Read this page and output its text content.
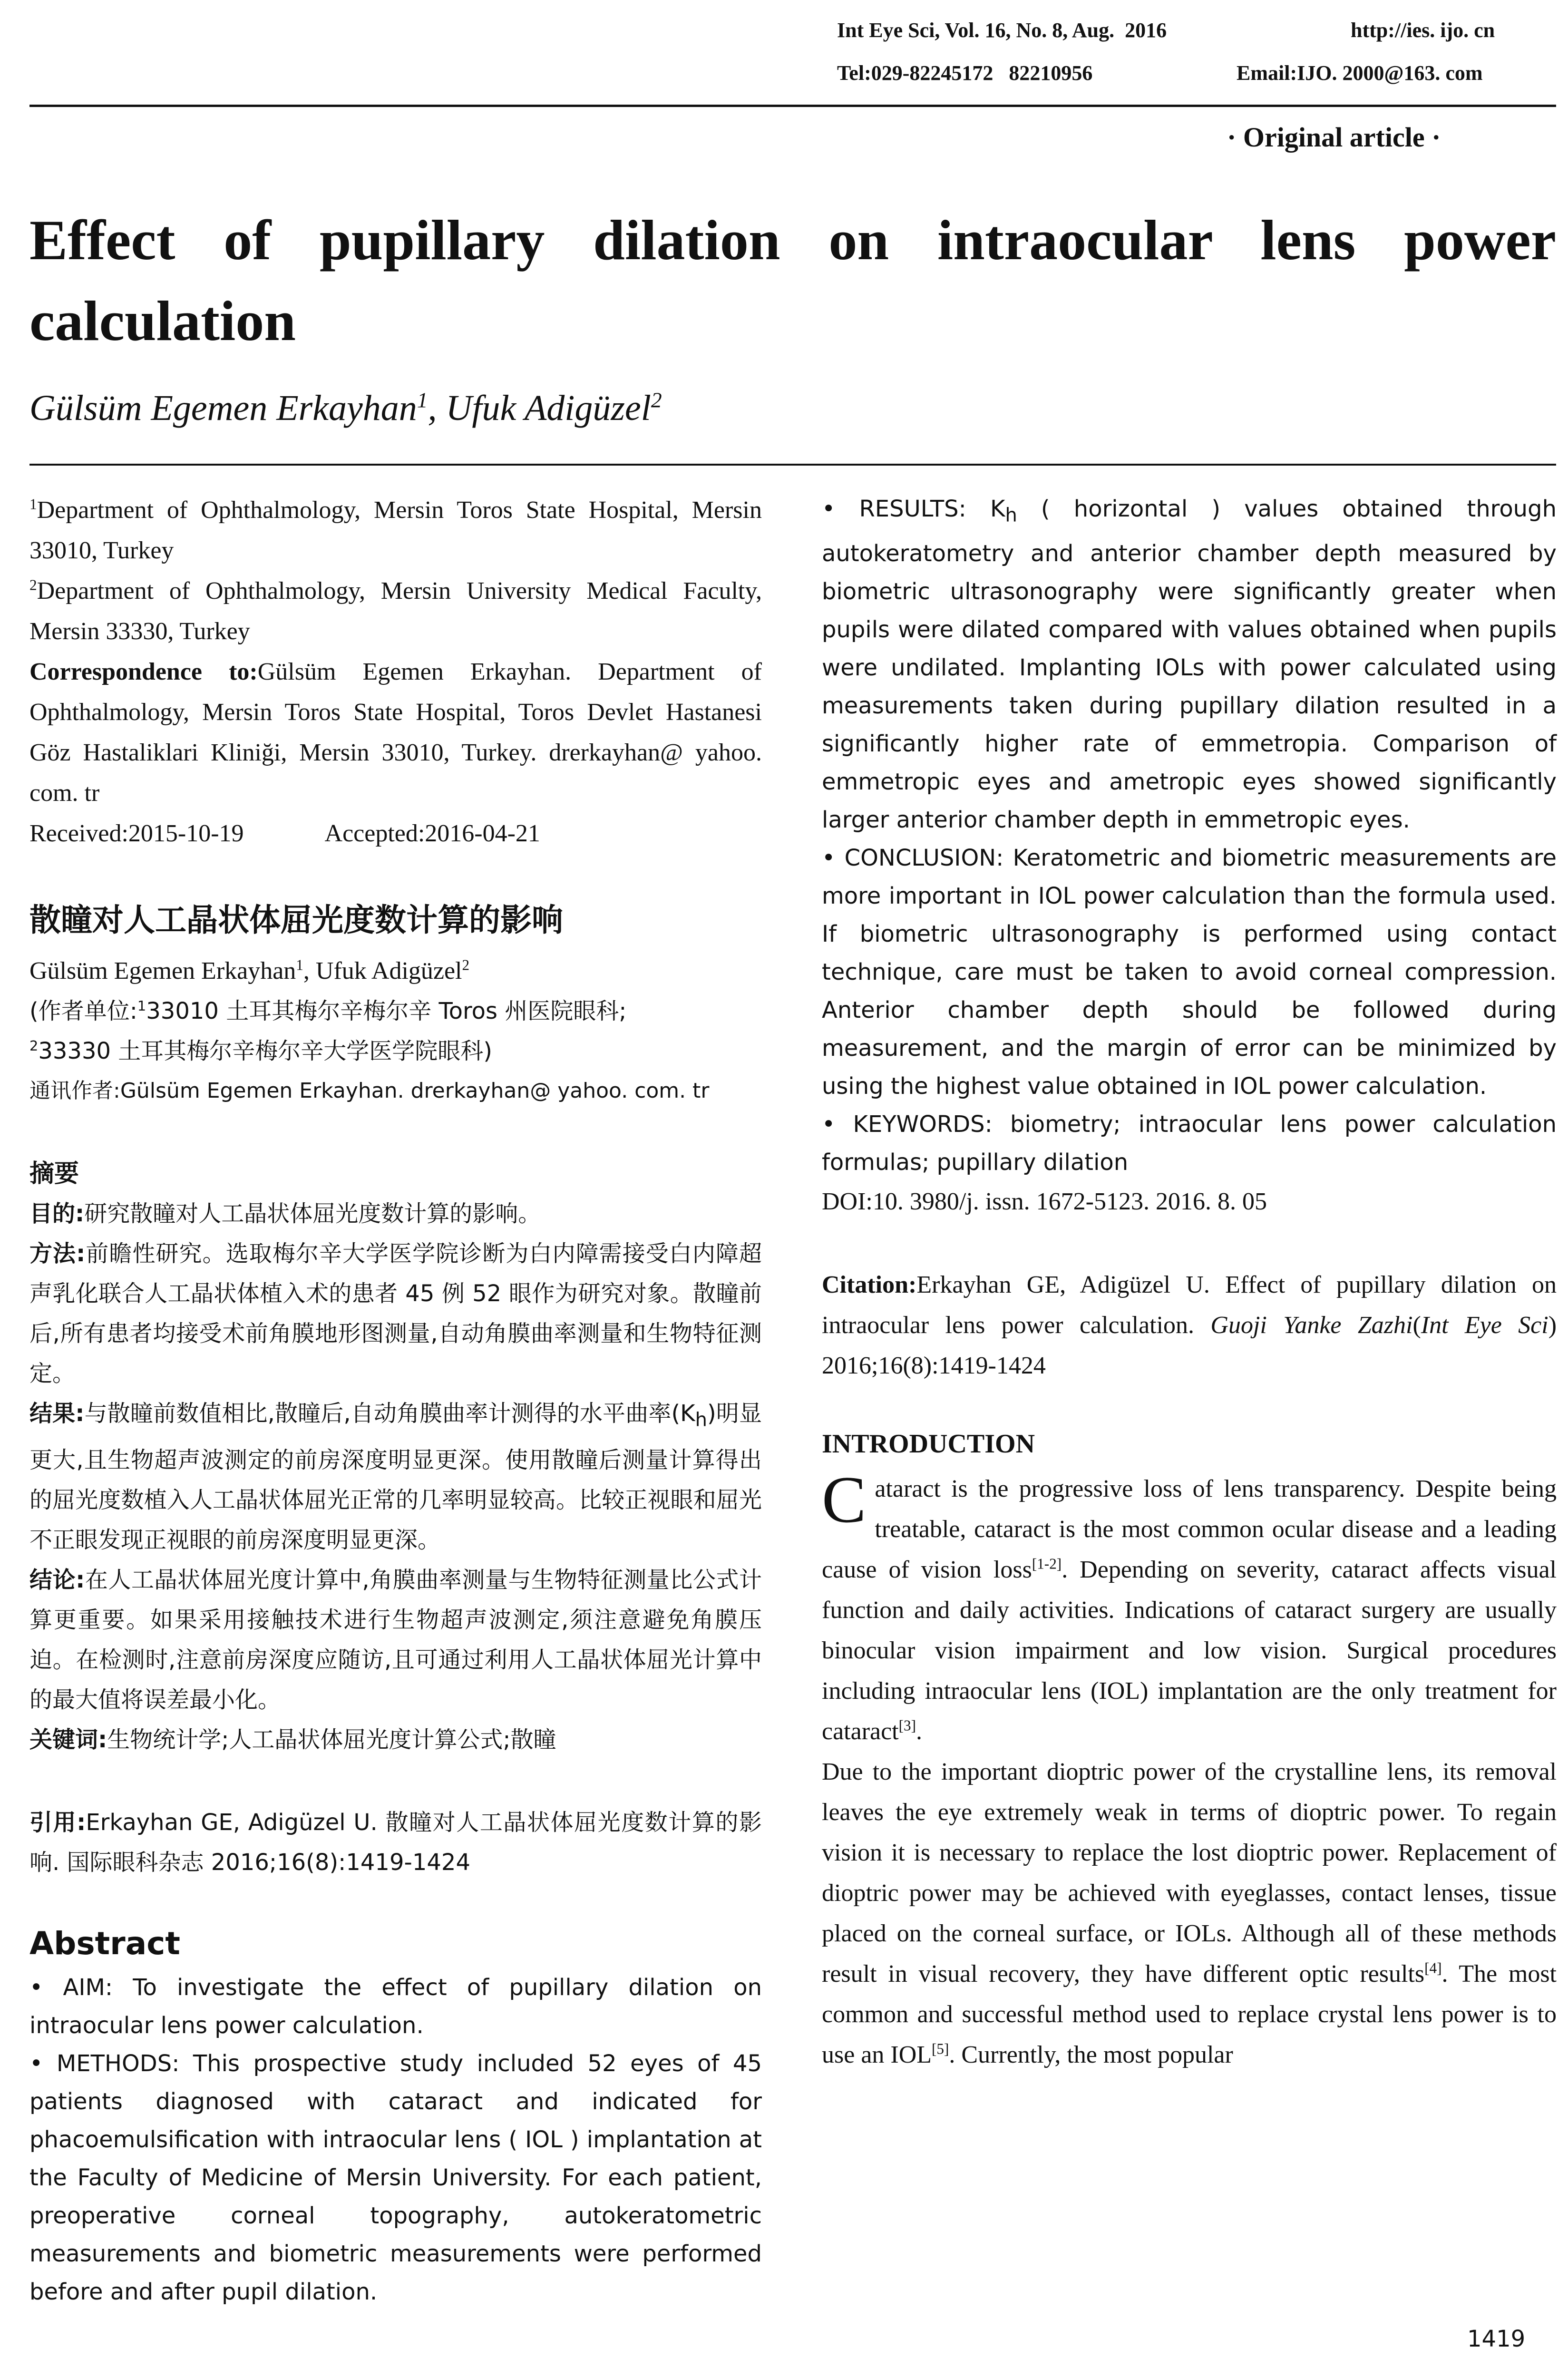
Int Eye Sci, Vol. 16, No. 8, Aug.  2016	http://ies. ijo. cn
Tel:029-82245172   82210956	Email:IJO. 2000@163. com
· Original article ·
Effect of pupillary dilation on intraocular lens power calculation
Gülsüm Egemen Erkayhan$^1$, Ufuk Adigüzel$^2$

$^1$Department of Ophthalmology, Mersin Toros State Hospital, Mersin 33010, Turkey

$^2$Department of Ophthalmology, Mersin University Medical Faculty, Mersin 33330, Turkey

Correspondence to:Gülsüm Egemen Erkayhan. Department of Ophthalmology, Mersin Toros State Hospital, Toros Devlet Hastanesi Göz Hastaliklari Kliniği, Mersin 33010, Turkey. drerkayhan@ yahoo. com. tr

Received:2015-10-19	Accepted:2016-04-21

散瞳对人工晶状体屈光度数计算的影响

Gülsüm Egemen Erkayhan$^1$, Ufuk Adigüzel$^2$

(作者单位:$^1$33010 土耳其梅尔辛梅尔辛 Toros 州医院眼科;
$^2$33330 土耳其梅尔辛梅尔辛大学医学院眼科)

通讯作者:Gülsüm Egemen Erkayhan. drerkayhan@ yahoo. com. tr

摘要

目的:研究散瞳对人工晶状体屈光度数计算的影响。

方法:前瞻性研究。选取梅尔辛大学医学院诊断为白内障需接受白内障超声乳化联合人工晶状体植入术的患者 45 例 52 眼作为研究对象。散瞳前后,所有患者均接受术前角膜地形图测量,自动角膜曲率测量和生物特征测定。

结果:与散瞳前数值相比,散瞳后,自动角膜曲率计测得的水平曲率$(K_h)$明显更大,且生物超声波测定的前房深度明显更深。使用散瞳后测量计算得出的屈光度数植入人工晶状体屈光正常的几率明显较高。比较正视眼和屈光不正眼发现正视眼的前房深度明显更深。

结论:在人工晶状体屈光度计算中,角膜曲率测量与生物特征测量比公式计算更重要。如果采用接触技术进行生物超声波测定,须注意避免角膜压迫。在检测时,注意前房深度应随访,且可通过利用人工晶状体屈光计算中的最大值将误差最小化。

关键词:生物统计学;人工晶状体屈光度计算公式;散瞳

引用:Erkayhan GE, Adigüzel U. 散瞳对人工晶状体屈光度数计算的影响. 国际眼科杂志 2016;16(8):1419-1424

Abstract

• AIM: To investigate the effect of pupillary dilation on intraocular lens power calculation.

• METHODS: This prospective study included 52 eyes of 45 patients diagnosed with cataract and indicated for phacoemulsification with intraocular lens ( IOL ) implantation at the Faculty of Medicine of Mersin University. For each patient, preoperative corneal topography, autokeratometric measurements and biometric measurements were performed before and after pupil dilation.

• RESULTS: $K_h$ ( horizontal ) values obtained through autokeratometry and anterior chamber depth measured by biometric ultrasonography were significantly greater when pupils were dilated compared with values obtained when pupils were undilated. Implanting IOLs with power calculated using measurements taken during pupillary dilation resulted in a significantly higher rate of emmetropia. Comparison of emmetropic eyes and ametropic eyes showed significantly larger anterior chamber depth in emmetropic eyes.

• CONCLUSION: Keratometric and biometric measurements are more important in IOL power calculation than the formula used. If biometric ultrasonography is performed using contact technique, care must be taken to avoid corneal compression. Anterior chamber depth should be followed during measurement, and the margin of error can be minimized by using the highest value obtained in IOL power calculation.

• KEYWORDS: biometry; intraocular lens power calculation formulas; pupillary dilation

DOI:10. 3980/j. issn. 1672-5123. 2016. 8. 05

Citation:Erkayhan GE, Adigüzel U. Effect of pupillary dilation on intraocular lens power calculation. Guoji Yanke Zazhi(Int Eye Sci) 2016;16(8):1419-1424

INTRODUCTION

Cataract is the progressive loss of lens transparency. Despite being treatable, cataract is the most common ocular disease and a leading cause of vision loss[1-2]. Depending on severity, cataract affects visual function and daily activities. Indications of cataract surgery are usually binocular vision impairment and low vision. Surgical procedures including intraocular lens (IOL) implantation are the only treatment for cataract[3].

Due to the important dioptric power of the crystalline lens, its removal leaves the eye extremely weak in terms of dioptric power. To regain vision it is necessary to replace the lost dioptric power. Replacement of dioptric power may be achieved with eyeglasses, contact lenses, tissue placed on the corneal surface, or IOLs. Although all of these methods result in visual recovery, they have different optic results[4]. The most common and successful method used to replace crystal lens power is to use an IOL[5]. Currently, the most popular

1419
